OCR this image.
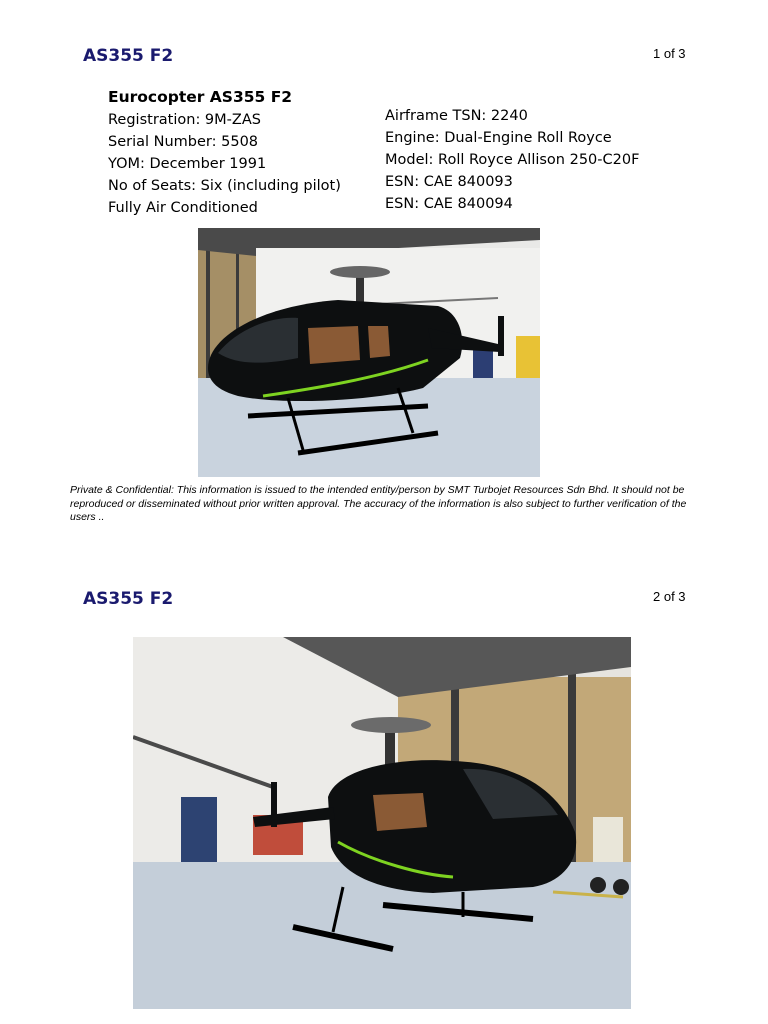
AS355 F2	1 of 3
Eurocopter AS355 F2
Registration: 9M-ZAS
Serial Number: 5508
YOM: December 1991
No of Seats: Six (including pilot)
Fully Air Conditioned
Airframe TSN: 2240
Engine: Dual-Engine Roll Royce
Model: Roll Royce Allison 250-C20F
ESN: CAE 840093
ESN: CAE 840094
Private & Confidential: This information is issued to the intended entity/person by SMT Turbojet Resources Sdn Bhd. It should not be reproduced or disseminated without prior written approval. The accuracy of the information is also subject to further verification of the users ..
AS355 F2	2 of 3
